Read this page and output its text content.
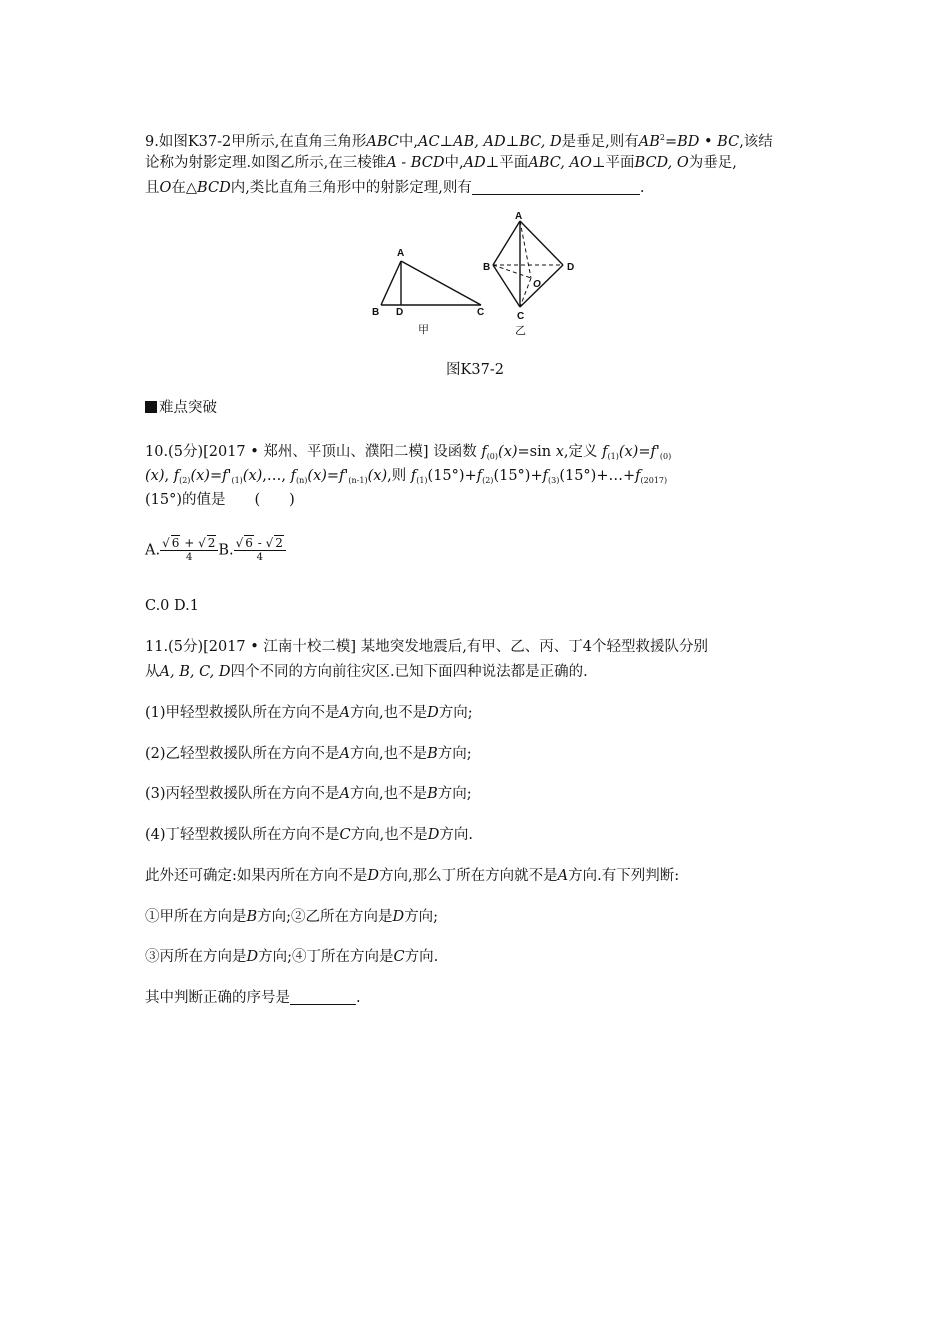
9.如图K37-2甲所示,在直角三角形ABC中,AC⊥AB, AD⊥BC, D是垂足,则有$AB^2=BD$ • BC,该结
论称为射影定理.如图乙所示,在三棱锥A - BCD中,AD⊥平面ABC, AO⊥平面BCD, O为垂足,
且O在△BCD内,类比直角三角形中的射影定理,则有	.
A
B D	C
甲
A
B	D
O
C
乙
图K37-2
难点突破
10.(5分)[2017 • 郑州、平顶山、濮阳二模] 设函数 $f_{(0)}(x)=\sin$ x,定义 $f_{(1)}(x)=f'_{(0)}$
(x), $f_{(2)}(x)=f'_{(1)}(x),\dots$, $f_{(n)}(x)=f'_{(n-1)}(x)$,则 $f_{(1)}(15^\circ)+f_{(2)}(15^\circ)+f_{(3)}(15^\circ)+\dots+f_{(2017)}$
(15°)的值是　　(　　)
A. $\frac{√ 6 + √ 2}{4} B$. $\frac{√ 6 - √ 2}{4}$
C.0 D.1
11.(5分)[2017 • 江南十校二模] 某地突发地震后,有甲、乙、丙、丁4个轻型救援队分别
从A, B, C, D四个不同的方向前往灾区.已知下面四种说法都是正确的.
(1)甲轻型救援队所在方向不是A方向,也不是D方向;
(2)乙轻型救援队所在方向不是A方向,也不是B方向;
(3)丙轻型救援队所在方向不是A方向,也不是B方向;
(4)丁轻型救援队所在方向不是C方向,也不是D方向.
此外还可确定:如果丙所在方向不是D方向,那么丁所在方向就不是A方向.有下列判断:
①甲所在方向是B方向;②乙所在方向是D方向;
③丙所在方向是D方向;④丁所在方向是C方向.
其中判断正确的序号是	.
